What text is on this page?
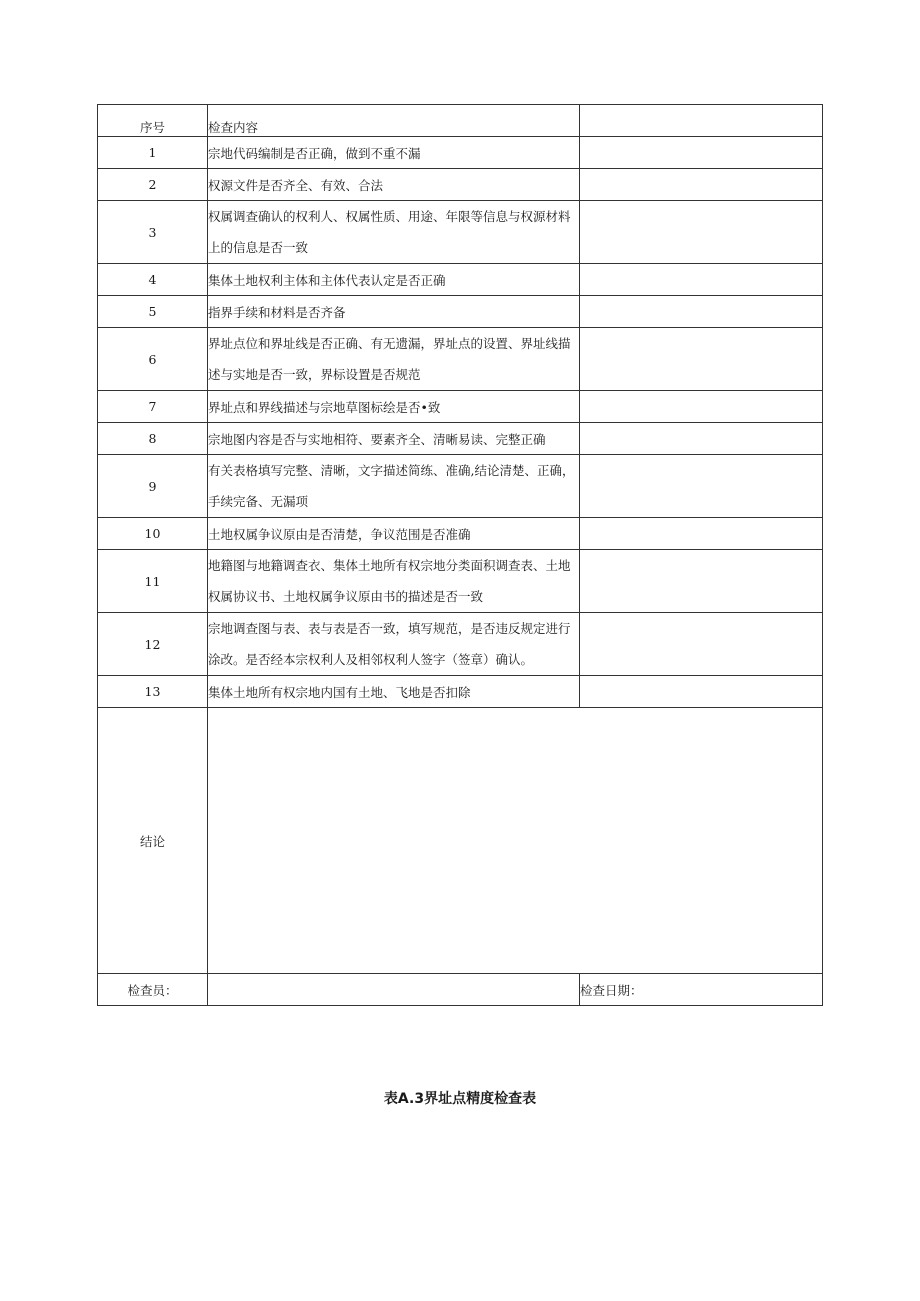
序号	检查内容	
1	宗地代码编制是否正确，做到不重不漏	
2	权源文件是否齐全、有效、合法	
3	权属调查确认的权利人、权属性质、用途、年限等信息与权源材料上的信息是否一致	
4	集体土地权利主体和主体代表认定是否正确	
5	指界手续和材料是否齐备	
6	界址点位和界址线是否正确、有无遗漏，界址点的设置、界址线描述与实地是否一致，界标设置是否规范	
7	界址点和界线描述与宗地草图标绘是否•致	
8	宗地图内容是否与实地相符、要素齐全、清晰易读、完整正确	
9	有关表格填写完整、清晰，文字描述简练、准确,结论清楚、正确，手续完备、无漏项	
10	土地权属争议原由是否清楚，争议范围是否准确	
11	地籍图与地籍调查衣、集体土地所有权宗地分类面积调查表、土地权属协议书、土地权属争议原由书的描述是否一致	
12	宗地调查图与表、表与表是否一致，填写规范，是否违反规定进行涂改。是否经本宗权利人及相邻权利人签字（签章）确认。	
13	集体土地所有权宗地内国有土地、飞地是否扣除	
结论		
检查员：		检查日期：
表A.3界址点精度检查表
